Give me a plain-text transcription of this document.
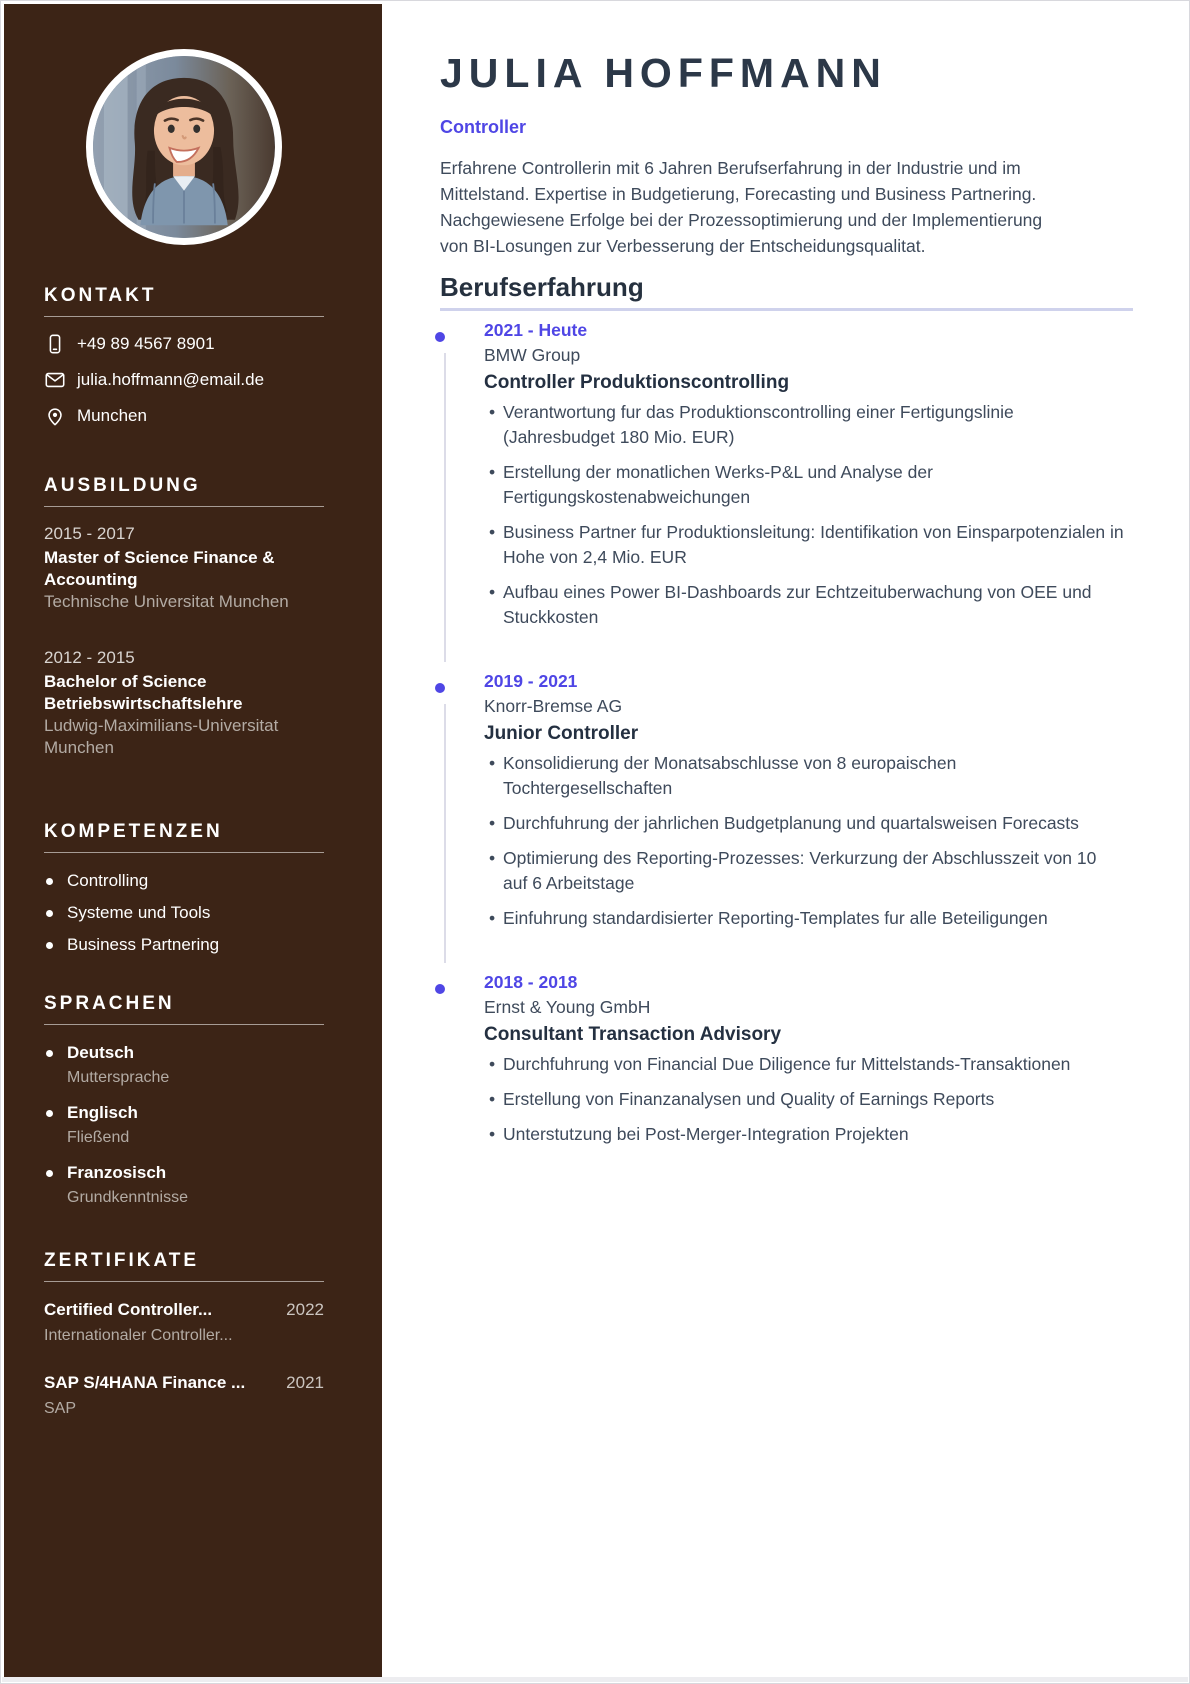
KONTAKT
+49 89 4567 8901
julia.hoffmann@email.de
Munchen
AUSBILDUNG
2015 - 2017
Master of Science Finance & Accounting
Technische Universitat Munchen
2012 - 2015
Bachelor of Science Betriebswirtschaftslehre
Ludwig-Maximilians-Universitat Munchen
KOMPETENZEN
Controlling
Systeme und Tools
Business Partnering
SPRACHEN
Deutsch
Muttersprache
Englisch
Fließend
Franzosisch
Grundkenntnisse
ZERTIFIKATE
Certified Controller...	2022
Internationaler Controller...
SAP S/4HANA Finance ... 2021
SAP
JULIA HOFFMANN
Controller

Erfahrene Controllerin mit 6 Jahren Berufserfahrung in der Industrie und im Mittelstand. Expertise in Budgetierung, Forecasting und Business Partnering. Nachgewiesene Erfolge bei der Prozessoptimierung und der Implementierung von BI-Losungen zur Verbesserung der Entscheidungsqualitat.

Berufserfahrung
2021 - Heute
BMW Group
Controller Produktionscontrolling
• Verantwortung fur das Produktionscontrolling einer Fertigungslinie (Jahresbudget 180 Mio. EUR)
• Erstellung der monatlichen Werks-P&L und Analyse der Fertigungskostenabweichungen
• Business Partner fur Produktionsleitung: Identifikation von Einsparpotenzialen in Hohe von 2,4 Mio. EUR
• Aufbau eines Power BI-Dashboards zur Echtzeituberwachung von OEE und Stuckkosten
2019 - 2021
Knorr-Bremse AG
Junior Controller
• Konsolidierung der Monatsabschlusse von 8 europaischen Tochtergesellschaften
• Durchfuhrung der jahrlichen Budgetplanung und quartalsweisen Forecasts
• Optimierung des Reporting-Prozesses: Verkurzung der Abschlusszeit von 10 auf 6 Arbeitstage
• Einfuhrung standardisierter Reporting-Templates fur alle Beteiligungen
2018 - 2018
Ernst & Young GmbH
Consultant Transaction Advisory
• Durchfuhrung von Financial Due Diligence fur Mittelstands-Transaktionen
• Erstellung von Finanzanalysen und Quality of Earnings Reports
• Unterstutzung bei Post-Merger-Integration Projekten
